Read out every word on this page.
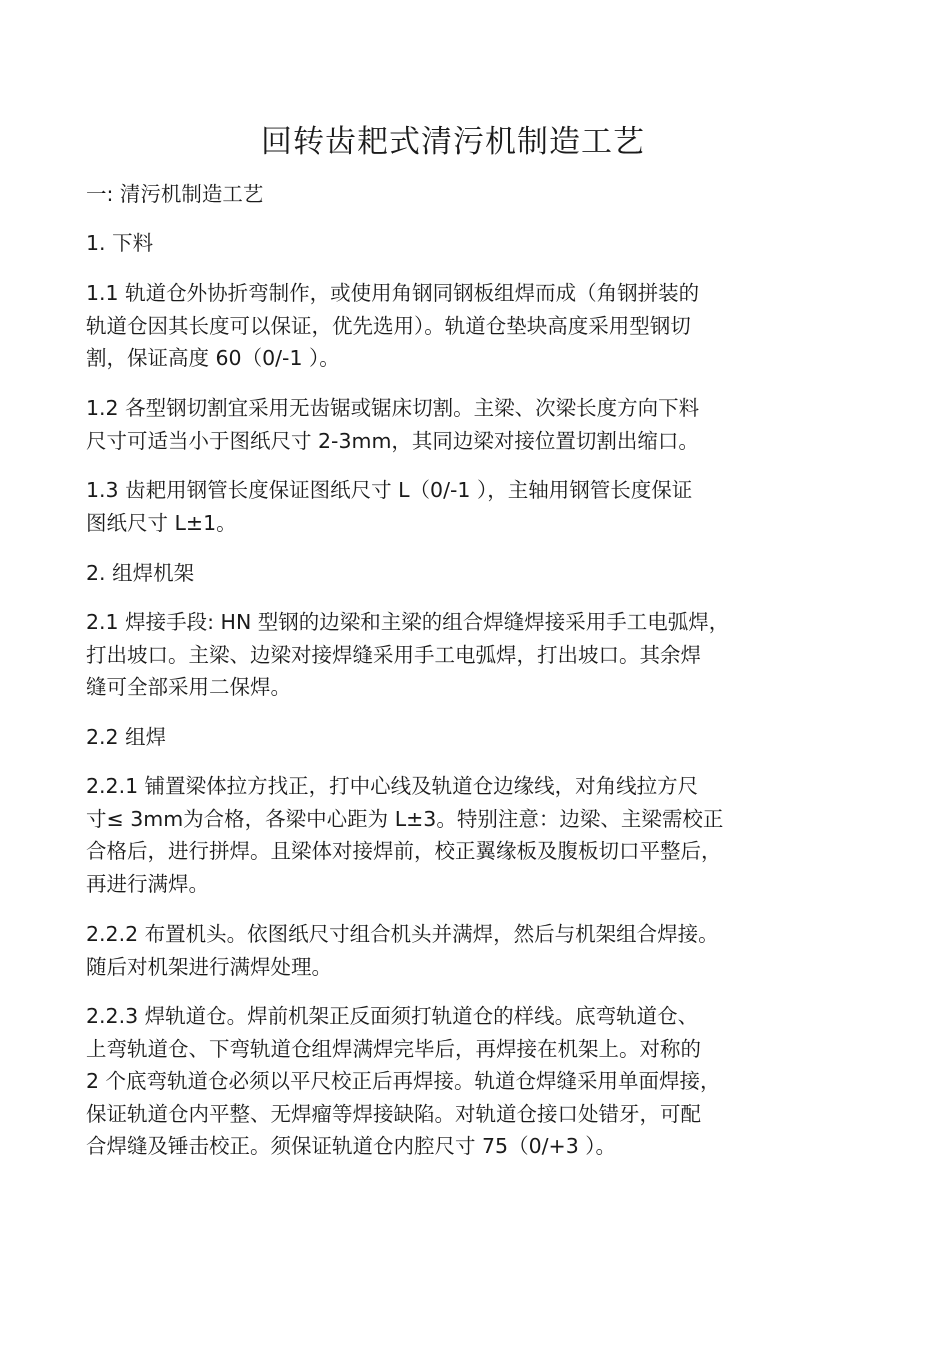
回转齿耙式清污机制造工艺
一: 清污机制造工艺
1. 下料
1.1 轨道仓外协折弯制作，或使用角钢同钢板组焊而成（角钢拼装的
轨道仓因其长度可以保证，优先选用）。轨道仓垫块高度采用型钢切
割，保证高度 60（0/-1 ）。
1.2 各型钢切割宜采用无齿锯或锯床切割。主梁、次梁长度方向下料
尺寸可适当小于图纸尺寸 2-3mm，其同边梁对接位置切割出缩口。
1.3 齿耙用钢管长度保证图纸尺寸 L（0/-1 ），主轴用钢管长度保证
图纸尺寸 L±1。
2. 组焊机架
2.1 焊接手段: HN 型钢的边梁和主梁的组合焊缝焊接采用手工电弧焊，
打出坡口。主梁、边梁对接焊缝采用手工电弧焊，打出坡口。其余焊
缝可全部采用二保焊。
2.2 组焊
2.2.1 铺置梁体拉方找正，打中心线及轨道仓边缘线，对角线拉方尺
寸≤ 3mm为合格，各梁中心距为 L±3。特别注意：边梁、主梁需校正
合格后，进行拼焊。且梁体对接焊前，校正翼缘板及腹板切口平整后，
再进行满焊。
2.2.2 布置机头。依图纸尺寸组合机头并满焊，然后与机架组合焊接。
随后对机架进行满焊处理。
2.2.3 焊轨道仓。焊前机架正反面须打轨道仓的样线。底弯轨道仓、
上弯轨道仓、下弯轨道仓组焊满焊完毕后，再焊接在机架上。对称的
2 个底弯轨道仓必须以平尺校正后再焊接。轨道仓焊缝采用单面焊接，
保证轨道仓内平整、无焊瘤等焊接缺陷。对轨道仓接口处错牙，可配
合焊缝及锤击校正。须保证轨道仓内腔尺寸 75（0/+3 ）。
